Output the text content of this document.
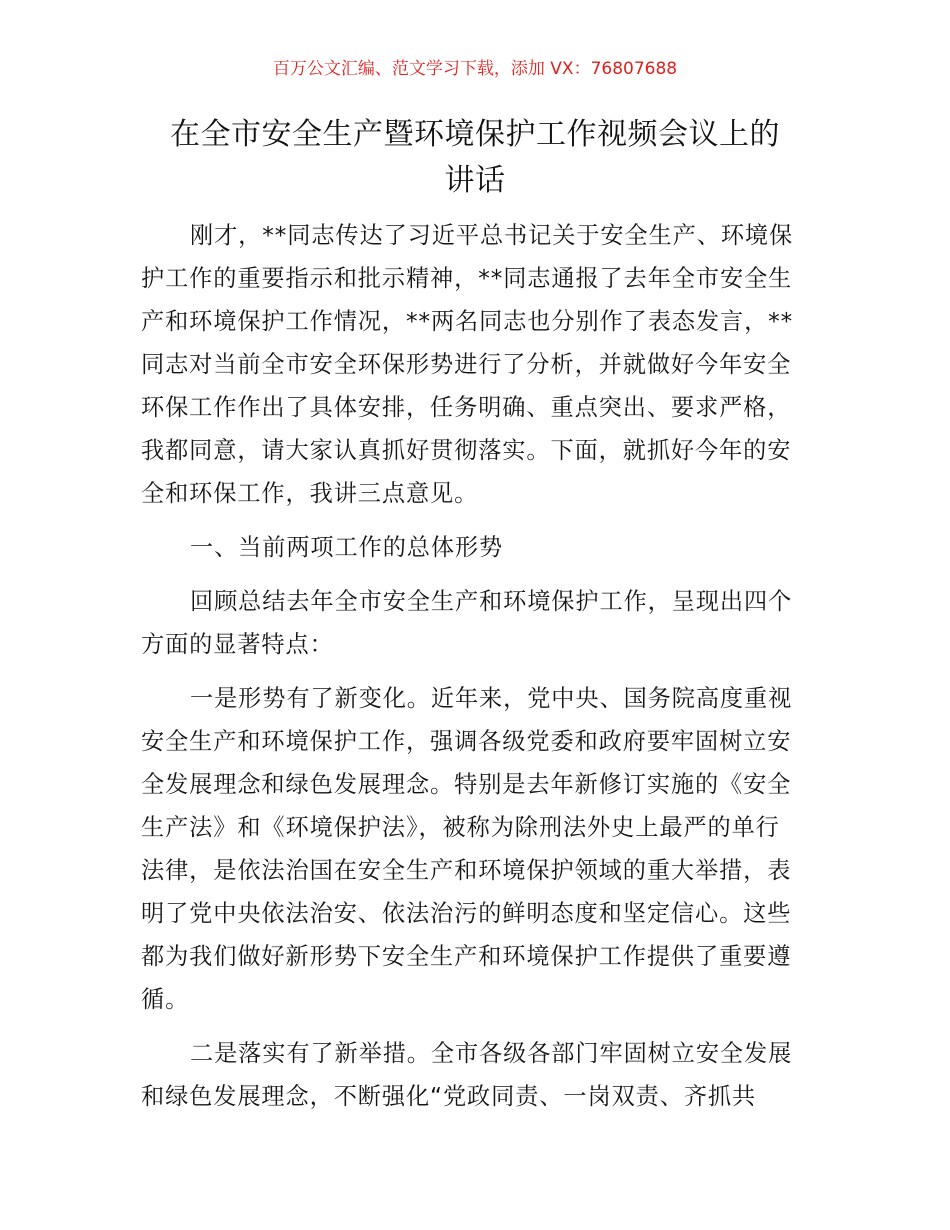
百万公文汇编、范文学习下载，添加 VX：76807688
在全市安全生产暨环境保护工作视频会议上的
讲话
刚才，**同志传达了习近平总书记关于安全生产、环境保
护工作的重要指示和批示精神，**同志通报了去年全市安全生
产和环境保护工作情况，**两名同志也分别作了表态发言，**
同志对当前全市安全环保形势进行了分析，并就做好今年安全
环保工作作出了具体安排，任务明确、重点突出、要求严格，
我都同意，请大家认真抓好贯彻落实。下面，就抓好今年的安
全和环保工作，我讲三点意见。
一、当前两项工作的总体形势
回顾总结去年全市安全生产和环境保护工作，呈现出四个
方面的显著特点：
一是形势有了新变化。近年来，党中央、国务院高度重视
安全生产和环境保护工作，强调各级党委和政府要牢固树立安
全发展理念和绿色发展理念。特别是去年新修订实施的《安全
生产法》和《环境保护法》，被称为除刑法外史上最严的单行
法律，是依法治国在安全生产和环境保护领域的重大举措，表
明了党中央依法治安、依法治污的鲜明态度和坚定信心。这些
都为我们做好新形势下安全生产和环境保护工作提供了重要遵
循。
二是落实有了新举措。全市各级各部门牢固树立安全发展
和绿色发展理念，不断强化“党政同责、一岗双责、齐抓共
